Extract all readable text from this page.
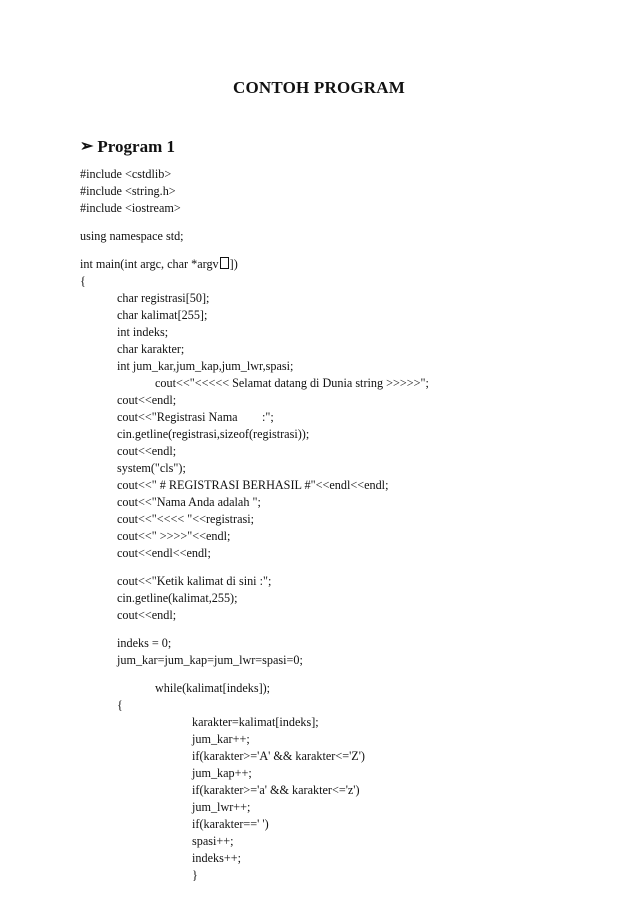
CONTOH PROGRAM
➢ Program 1
#include <cstdlib>
#include <string.h>
#include <iostream>
using namespace std;
int main(int argc, char *argv ])
{
char registrasi[50];
char kalimat[255];
int indeks;
char karakter;
int jum_kar,jum_kap,jum_lwr,spasi;
cout<<"<<<<< Selamat datang di Dunia string >>>>>";
cout<<endl;
cout<<"Registrasi Nama        :";
cin.getline(registrasi,sizeof(registrasi));
cout<<endl;
system("cls");
cout<<" # REGISTRASI BERHASIL #"<<endl<<endl;
cout<<"Nama Anda adalah ";
cout<<"<<<< "<<registrasi;
cout<<" >>>>"<<endl;
cout<<endl<<endl;
cout<<"Ketik kalimat di sini :";
cin.getline(kalimat,255);
cout<<endl;
indeks = 0;
jum_kar=jum_kap=jum_lwr=spasi=0;
while(kalimat[indeks]);
{
karakter=kalimat[indeks];
jum_kar++;
if(karakter>='A' && karakter<='Z')
jum_kap++;
if(karakter>='a' && karakter<='z')
jum_lwr++;
if(karakter==' ')
spasi++;
indeks++;
}
